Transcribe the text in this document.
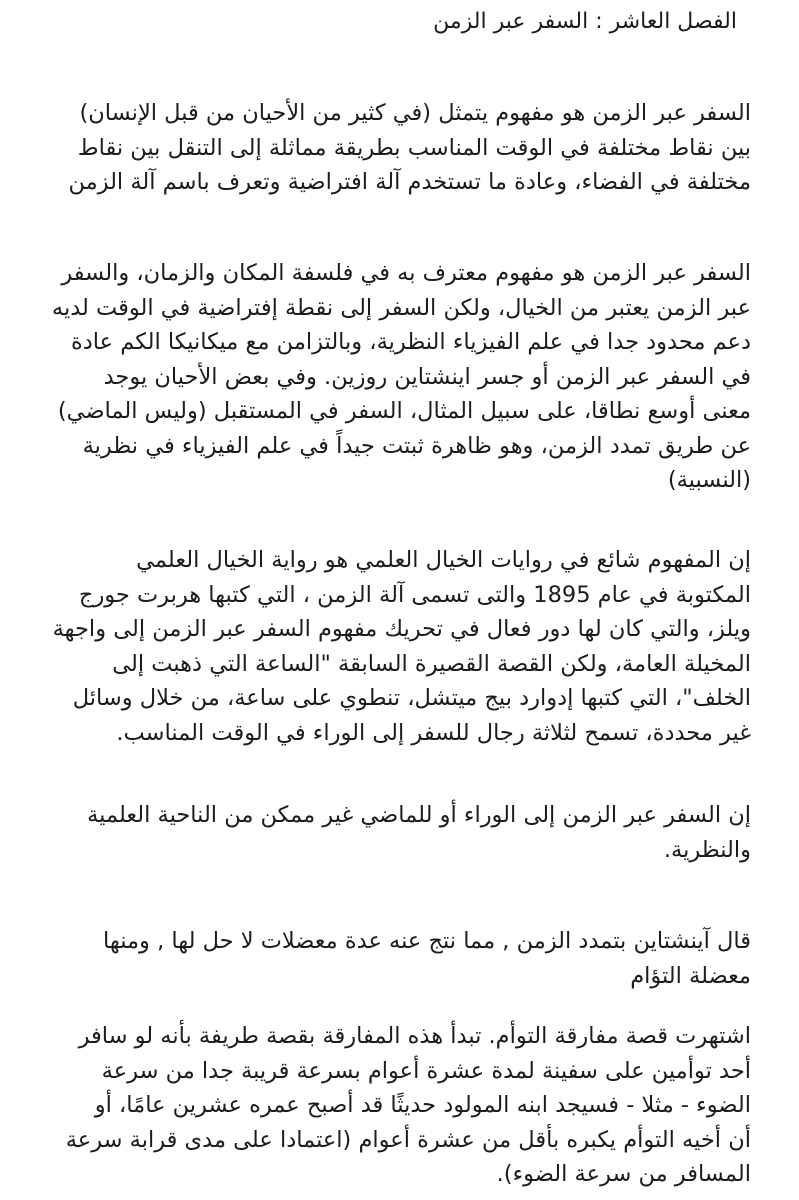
الفصل العاشر : السفر عبر الزمن

السفر عبر الزمن هو مفهوم يتمثل (في كثير من الأحيان من قبل الإنسان)
بين نقاط مختلفة في الوقت المناسب بطريقة مماثلة إلى التنقل بين نقاط
مختلفة في الفضاء، وعادة ما تستخدم آلة افتراضية وتعرف باسم آلة الزمن

السفر عبر الزمن هو مفهوم معترف به في فلسفة المكان والزمان، والسفر
عبر الزمن يعتبر من الخيال، ولكن السفر إلى نقطة إفتراضية في الوقت لديه
دعم محدود جدا في علم الفيزياء النظرية، وبالتزامن مع ميكانيكا الكم عادة
في السفر عبر الزمن أو جسر اينشتاين روزين. وفي بعض الأحيان يوجد
معنى أوسع نطاقا، على سبيل المثال، السفر في المستقبل (وليس الماضي)
عن طريق تمدد الزمن، وهو ظاهرة ثبتت جيداً في علم الفيزياء في نظرية
(النسبية)

إن المفهوم شائع في روايات الخيال العلمي هو رواية الخيال العلمي
المكتوبة في عام 1895 والتى تسمى آلة الزمن ، التي كتبها هربرت جورج
ويلز، والتي كان لها دور فعال في تحريك مفهوم السفر عبر الزمن إلى واجهة
المخيلة العامة، ولكن القصة القصيرة السابقة "الساعة التي ذهبت إلى
الخلف"، التي كتبها إدوارد بيج ميتشل، تنطوي على ساعة، من خلال وسائل
غير محددة، تسمح لثلاثة رجال للسفر إلى الوراء في الوقت المناسب.

إن السفر عبر الزمن إلى الوراء أو للماضي غير ممكن من الناحية العلمية
والنظرية.

قال آينشتاين بتمدد الزمن , مما نتج عنه عدة معضلات لا حل لها , ومنها
معضلة التؤام

اشتهرت قصة مفارقة التوأم. تبدأ هذه المفارقة بقصة طريفة بأنه لو سافر
أحد توأمين على سفينة لمدة عشرة أعوام بسرعة قريبة جدا من سرعة
الضوء - مثلا - فسيجد ابنه المولود حديثًا قد أصبح عمره عشرين عامًا، أو
أن أخيه التوأم يكبره بأقل من عشرة أعوام (اعتمادا على مدى قرابة سرعة
المسافر من سرعة الضوء).
